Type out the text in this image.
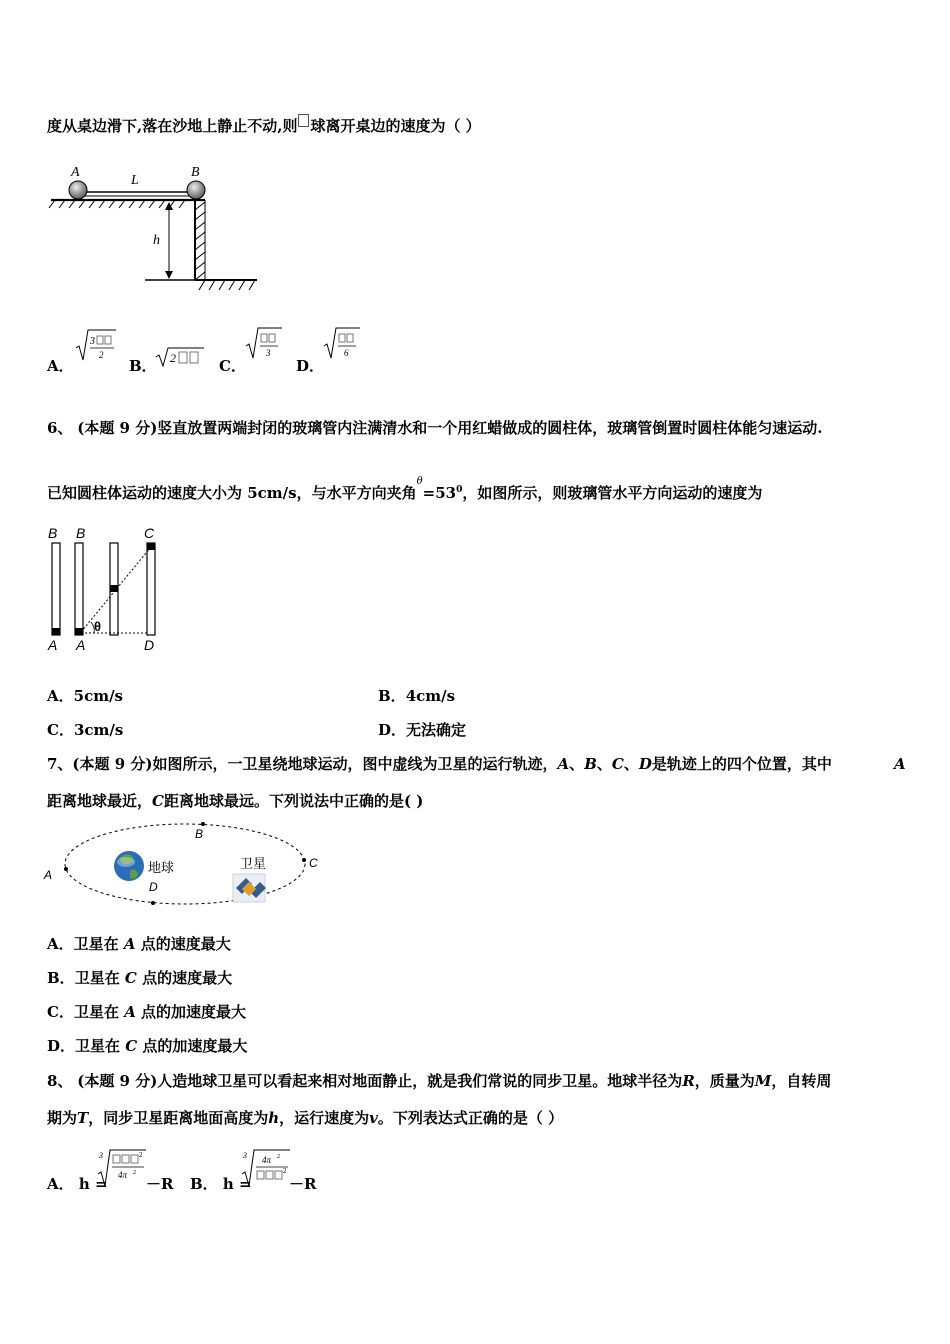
度从桌边滑下,落在沙地上静止不动,则 球离开桌边的速度为（ ）
A	B
L
h
A．
3
2
B． 2	C．
3
D．
6
6、 (本题 9 分)竖直放置两端封闭的玻璃管内注满清水和一个用红蜡做成的圆柱体，玻璃管倒置时圆柱体能匀速运动.
已知圆柱体运动的速度大小为 5cm/s，与水平方向夹角$^\theta=53^0$，如图所示，则玻璃管水平方向运动的速度为
B B	C
A A	D
θ
A．5cm/s	B．4cm/s
C．3cm/s	D．无法确定
7、(本题 9 分)如图所示，一卫星绕地球运动，图中虚线为卫星的运行轨迹，A、B、C、D是轨迹上的四个位置，其中	A
距离地球最近，C距离地球最远。下列说法中正确的是( )
A
B
C
D
地球	卫星
A．卫星在 A 点的速度最大
B．卫星在 C 点的速度最大
C．卫星在 A 点的加速度最大
D．卫星在 C 点的加速度最大
8、 (本题 9 分)人造地球卫星可以看起来相对地面静止，就是我们常说的同步卫星。地球半径为R，质量为M，自转周
期为T，同步卫星距离地面高度为h，运行速度为v。下列表达式正确的是（ ）
A． h =
3	2
4π 2
－R B． h =
3 4π 2
2
－R
